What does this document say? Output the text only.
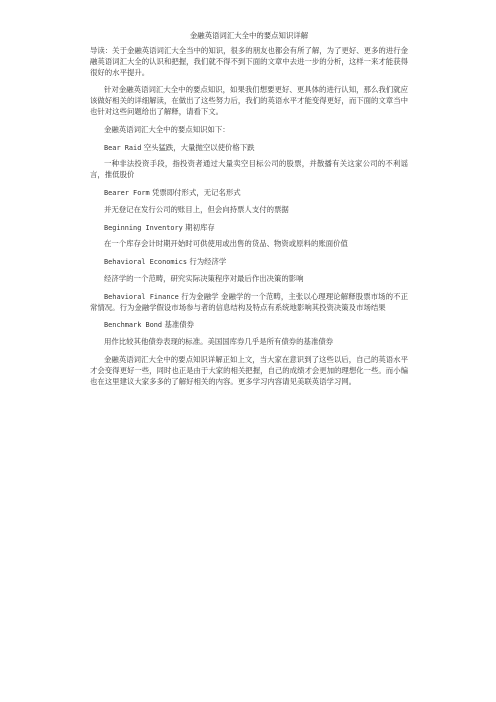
金融英语词汇大全中的要点知识详解

导读：关于金融英语词汇大全当中的知识，很多的朋友也都会有所了解，为了更好、更多的进行金融英语词汇大全的认识和把握，我们就不得不到下面的文章中去进一步的分析，这样一来才能获得很好的水平提升。

针对金融英语词汇大全中的要点知识，如果我们想要更好、更具体的进行认知，那么我们就应该做好相关的详细解读，在做出了这些努力后，我们的英语水平才能变得更好，而下面的文章当中也针对这些问题给出了解释，请看下文。

金融英语词汇大全中的要点知识如下：

Bear Raid 空头猛跌，大量抛空以使价格下跌

一种非法投资手段，指投资者通过大量卖空目标公司的股票，并散播有关这家公司的不利谣言，推低股价

Bearer Form 凭票即付形式，无记名形式

并无登记在发行公司的账目上，但会向持票人支付的票据

Beginning Inventory 期初库存

在一个库存会计时期开始时可供使用或出售的货品、物资或原料的账面价值

Behavioral Economics 行为经济学

经济学的一个范畴，研究实际决策程序对最后作出决策的影响

Behavioral Finance 行为金融学 金融学的一个范畴，主张以心理理论解释股票市场的不正常情况。行为金融学假设市场参与者的信息结构及特点有系统地影响其投资决策及市场结果

Benchmark Bond 基准债券

用作比较其他债券表现的标准。美国国库券几乎是所有债券的基准债券

金融英语词汇大全中的要点知识详解正如上文，当大家在意识到了这些以后，自己的英语水平才会变得更好一些，同时也正是由于大家的相关把握，自己的成绩才会更加的理想化一些。而小编也在这里建议大家多多的了解好相关的内容。更多学习内容请见美联英语学习网。
